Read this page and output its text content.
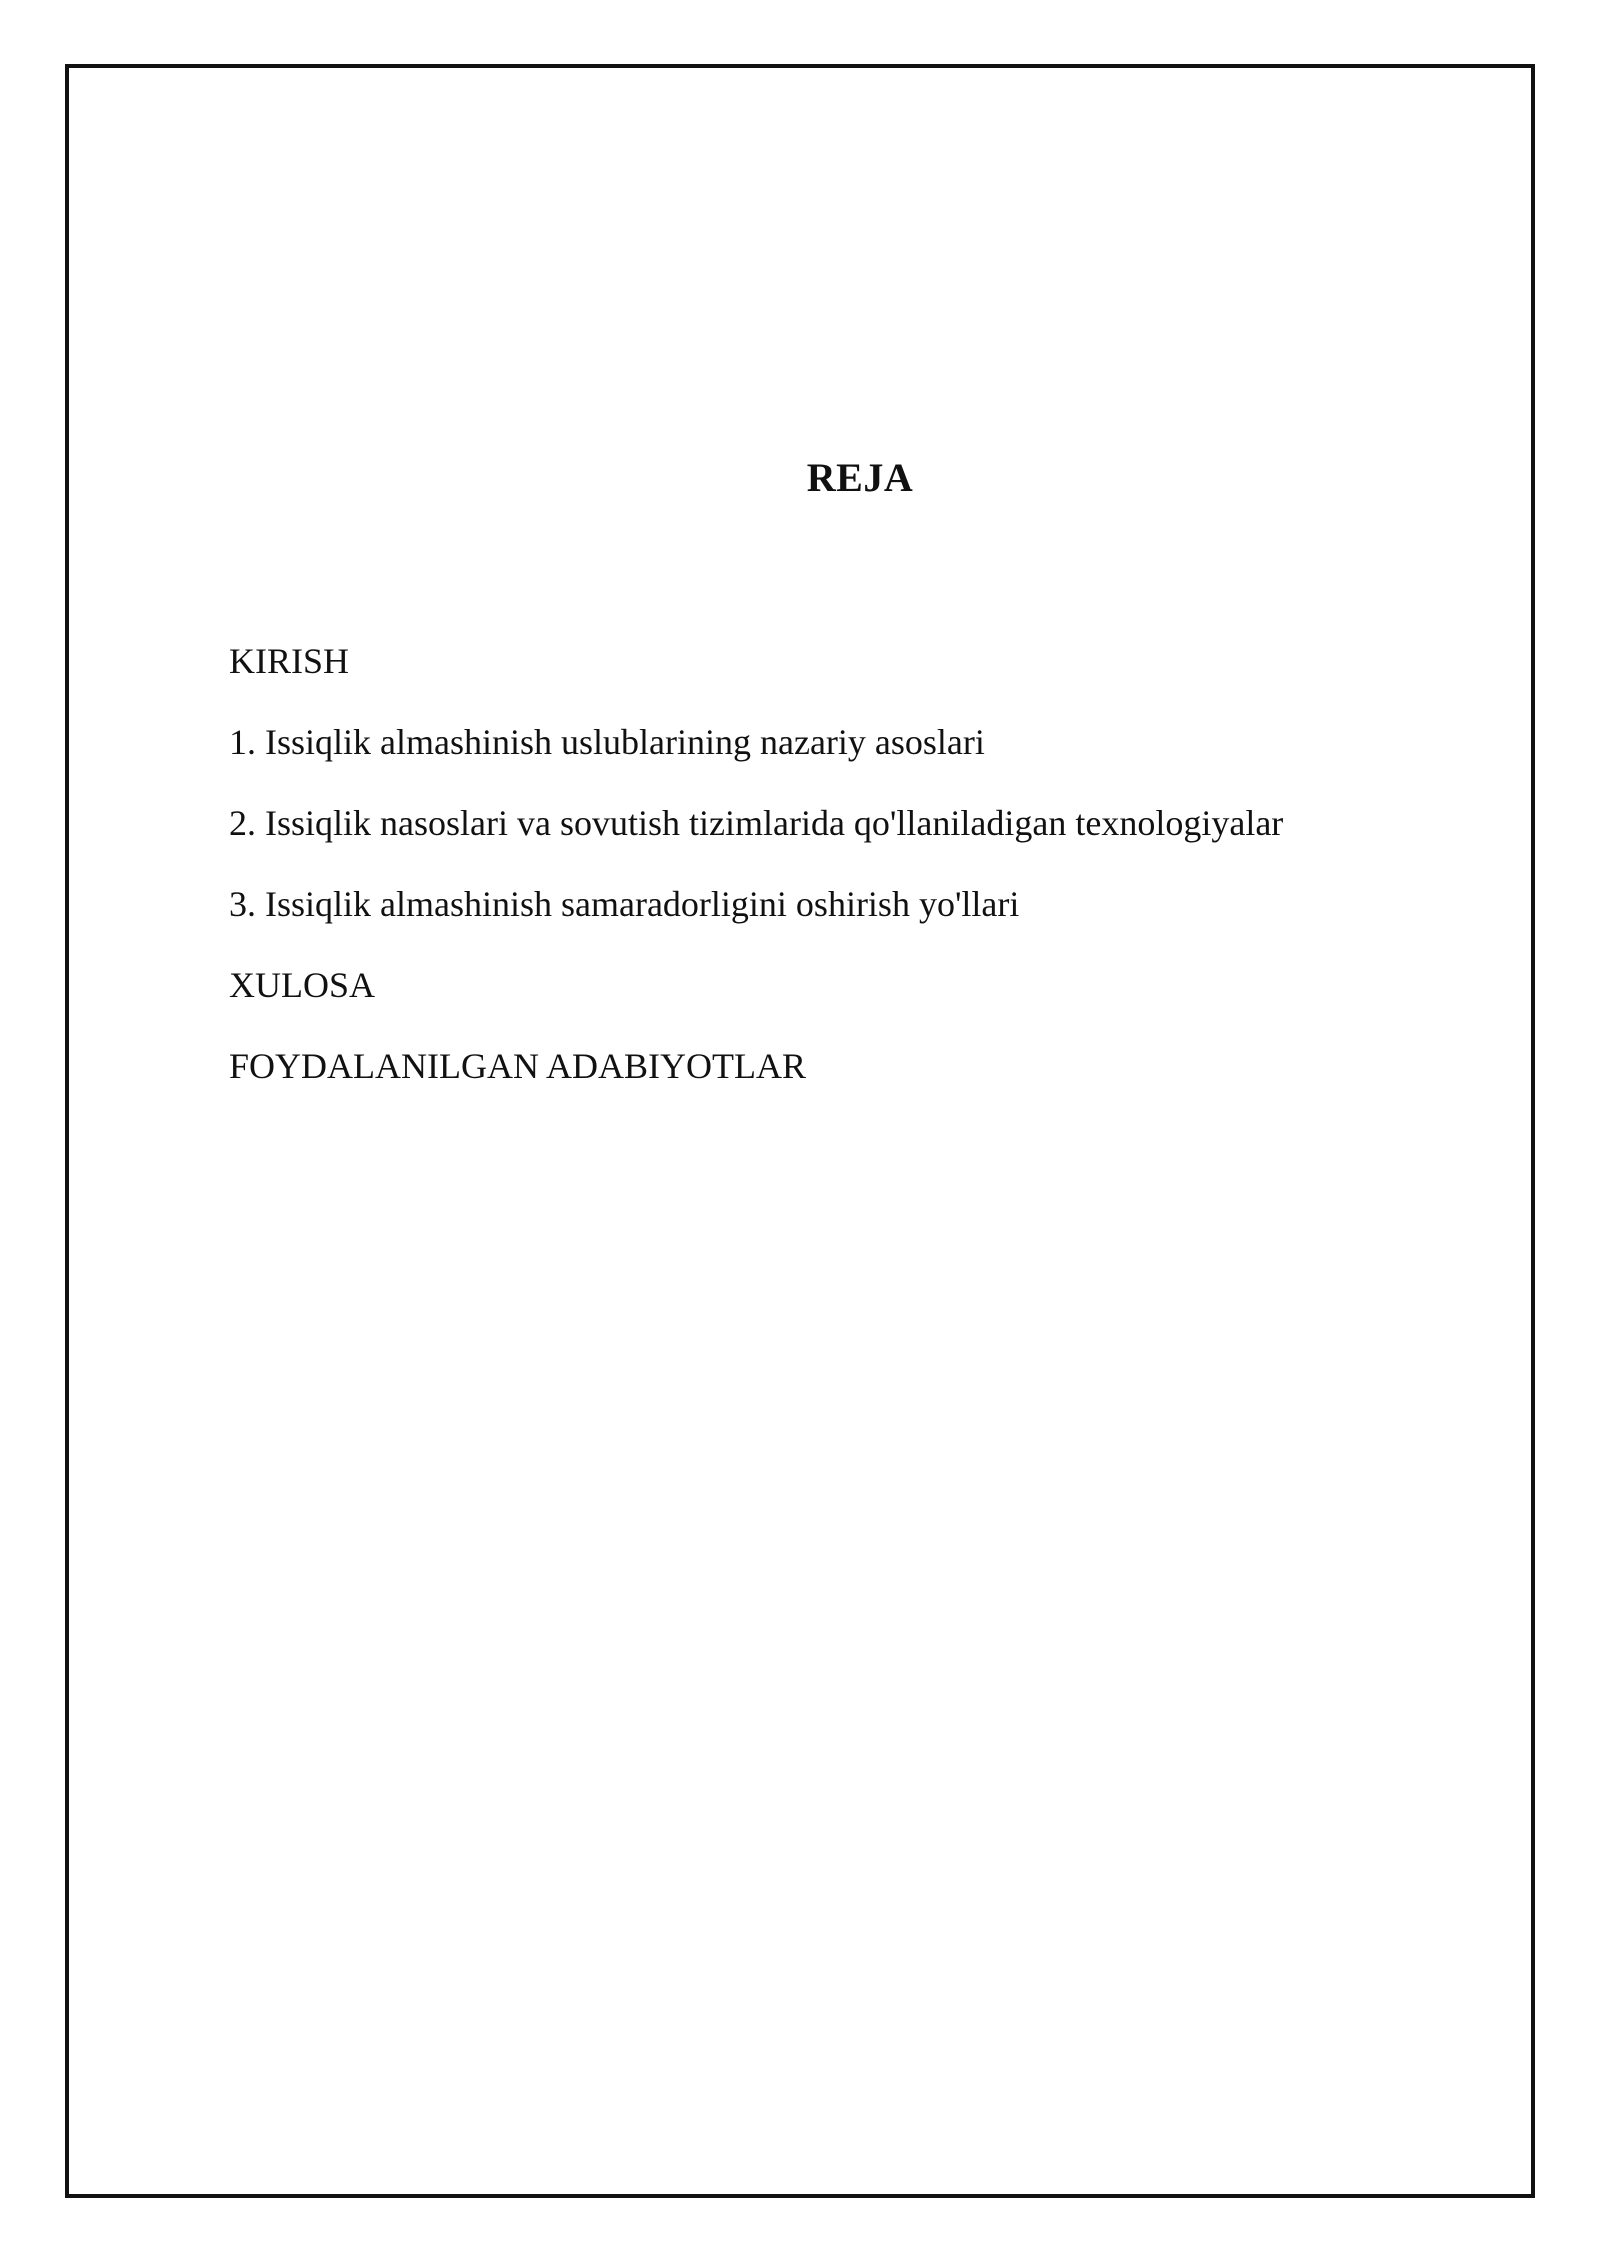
REJA
KIRISH
1. Issiqlik almashinish uslublarining nazariy asoslari
2. Issiqlik nasoslari va sovutish tizimlarida qo'llaniladigan texnologiyalar
3. Issiqlik almashinish samaradorligini oshirish yo'llari
XULOSA
FOYDALANILGAN ADABIYOTLAR
